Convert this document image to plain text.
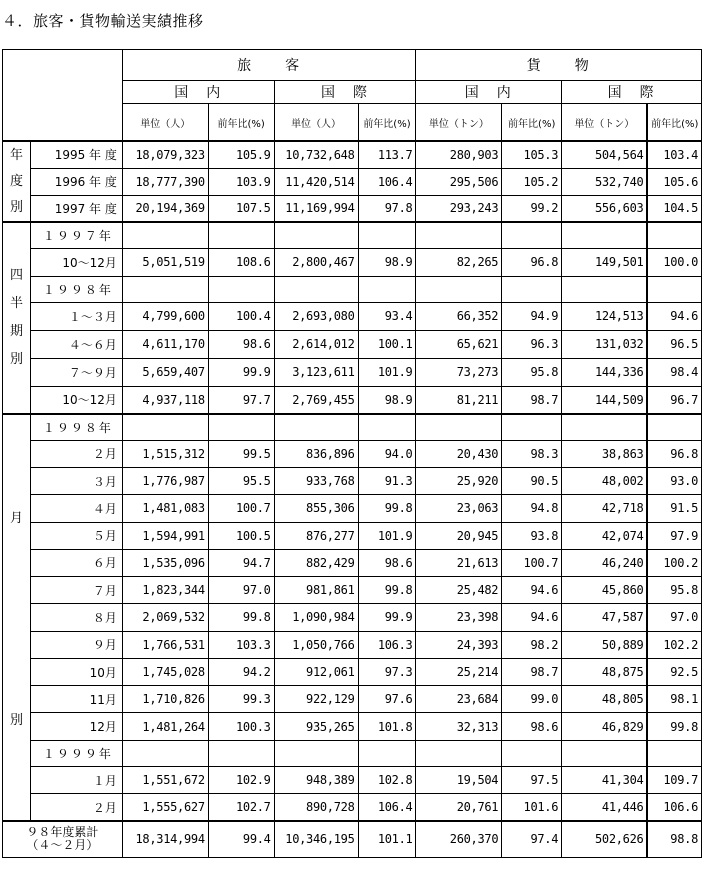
４．旅客・貨物輸送実績推移
		旅　　客				貨　　物			
		国　内		国　際		国　内		国　際	
		単位（人）	前年比(%)	単位（人）	前年比(%)	単位（トン）	前年比(%)	単位（トン）	前年比(%)

年
度
別	1995 年 度	18,079,323	105.9	10,732,648	113.7	280,903	105.3	504,564	103.4
	1996 年 度	18,777,390	103.9	11,420,514	106.4	295,506	105.2	532,740	105.6
	1997 年 度	20,194,369	107.5	11,169,994	97.8	293,243	99.2	556,603	104.5

四
半
期
別	１９９７年								
	10～12月	5,051,519	108.6	2,800,467	98.9	82,265	96.8	149,501	100.0
	１９９８年								
	１～３月	4,799,600	100.4	2,693,080	93.4	66,352	94.9	124,513	94.6
	４～６月	4,611,170	98.6	2,614,012	100.1	65,621	96.3	131,032	96.5
	７～９月	5,659,407	99.9	3,123,611	101.9	73,273	95.8	144,336	98.4
	10～12月	4,937,118	97.7	2,769,455	98.9	81,211	98.7	144,509	96.7

月
別	１９９８年								
	２月	1,515,312	99.5	836,896	94.0	20,430	98.3	38,863	96.8
	３月	1,776,987	95.5	933,768	91.3	25,920	90.5	48,002	93.0
	４月	1,481,083	100.7	855,306	99.8	23,063	94.8	42,718	91.5
	５月	1,594,991	100.5	876,277	101.9	20,945	93.8	42,074	97.9
	６月	1,535,096	94.7	882,429	98.6	21,613	100.7	46,240	100.2
	７月	1,823,344	97.0	981,861	99.8	25,482	94.6	45,860	95.8
	８月	2,069,532	99.8	1,090,984	99.9	23,398	94.6	47,587	97.0
	９月	1,766,531	103.3	1,050,766	106.3	24,393	98.2	50,889	102.2
	10月	1,745,028	94.2	912,061	97.3	25,214	98.7	48,875	92.5
	11月	1,710,826	99.3	922,129	97.6	23,684	99.0	48,805	98.1
	12月	1,481,264	100.3	935,265	101.8	32,313	98.6	46,829	99.8
	１９９９年								
	１月	1,551,672	102.9	948,389	102.8	19,504	97.5	41,304	109.7
	２月	1,555,627	102.7	890,728	106.4	20,761	101.6	41,446	106.6

９８年度累計
（４～２月）		18,314,994	99.4	10,346,195	101.1	260,370	97.4	502,626	98.8
